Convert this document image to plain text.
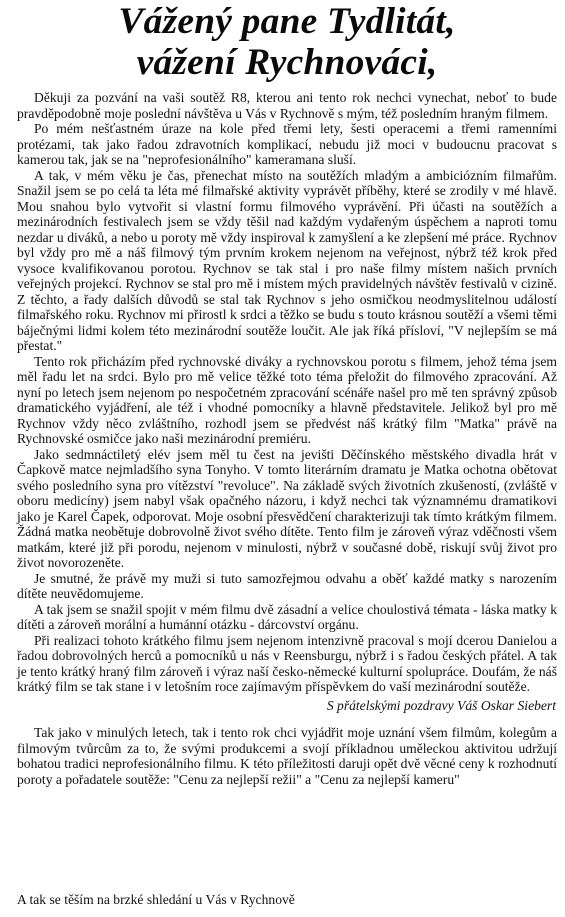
Vážený pane Tydlitát,
vážení Rychnováci,

Děkuji za pozvání na vaši soutěž R8, kterou ani tento rok nechci vynechat, neboť to bude pravděpodobně moje poslední návštěva u Vás v Rychnově s mým, též posledním hraným filmem.

Po mém nešťastném úraze na kole před třemi lety, šesti operacemi a třemi ramenními protézami, tak jako řadou zdravotních komplikací, nebudu již moci v budoucnu pracovat s kamerou tak, jak se na "neprofesionálního" kameramana sluší.

A tak, v mém věku je čas, přenechat místo na soutěžích mladým a ambiciózním filmařům. Snažil jsem se po celá ta léta mé filmařské aktivity vyprávět příběhy, které se zrodily v mé hlavě. Mou snahou bylo vytvořit si vlastní formu filmového vyprávění. Při účasti na soutěžích a mezinárodních festivalech jsem se vždy těšil nad každým vydařeným úspěchem a naproti tomu nezdar u diváků, a nebo u poroty mě vždy inspiroval k zamyšlení a ke zlepšení mé práce. Rychnov byl vždy pro mě a náš filmový tým prvním krokem nejenom na veřejnost, nýbrž též krok před vysoce kvalifikovanou porotou. Rychnov se tak stal i pro naše filmy místem našich prvních veřejných projekcí. Rychnov se stal pro mě i místem mých pravidelných návštěv festivalů v cizině. Z těchto, a řady dalších důvodů se stal tak Rychnov s jeho osmičkou neodmyslitelnou událostí filmařského roku. Rychnov mi přirostl k srdci a těžko se budu s touto krásnou soutěží a všemi těmi báječnými lidmi kolem této mezinárodní soutěže loučit. Ale jak říká přísloví, "V nejlepším se má přestat."

Tento rok přicházím před rychnovské diváky a rychnovskou porotu s filmem, jehož téma jsem měl řadu let na srdci. Bylo pro mě velice těžké toto téma přeložit do filmového zpracování. Až nyní po letech jsem nejenom po nespočetném zpracování scénáře našel pro mě ten správný způsob dramatického vyjádření, ale též i vhodné pomocníky a hlavně představitele. Jelikož byl pro mě Rychnov vždy něco zvláštního, rozhodl jsem se předvést náš krátký film "Matka" právě na Rychnovské osmičce jako naši mezinárodní premiéru.

Jako sedmnáctiletý elév jsem měl tu čest na jevišti Děčínského městského divadla hrát v Čapkově matce nejmladšího syna Tonyho. V tomto literárním dramatu je Matka ochotna obětovat svého posledního syna pro vítězství "revoluce". Na základě svých životních zkušeností, (zvláště v oboru medicíny) jsem nabyl však opačného názoru, i když nechci tak významnému dramatikovi jako je Karel Čapek, odporovat. Moje osobní přesvědčení charakterizuji tak tímto krátkým filmem. Žádná matka neobětuje dobrovolně život svého dítěte. Tento film je zároveň výraz vděčnosti všem matkám, které již při porodu, nejenom v minulosti, nýbrž v současné době, riskují svůj život pro život novorozeněte.

Je smutné, že právě my muži si tuto samozřejmou odvahu a oběť každé matky s narozením dítěte neuvědomujeme.

A tak jsem se snažil spojit v mém filmu dvě zásadní a velice choulostivá témata - láska matky k dítěti a zároveň morální a humánní otázku - dárcovství orgánu.

Při realizaci tohoto krátkého filmu jsem nejenom intenzivně pracoval s mojí dcerou Danielou a řadou dobrovolných herců a pomocníků u nás v Reensburgu, nýbrž i s řadou českých přátel. A tak je tento krátký hraný film zároveň i výraz naší česko-německé kulturní spolupráce. Doufám, že náš krátký film se tak stane i v letošním roce zajímavým příspěvkem do vaší mezinárodní soutěže.

S přátelskými pozdravy Váš Oskar Siebert

Tak jako v minulých letech, tak i tento rok chci vyjádřit mojе uznání všem filmům, kolegům a filmovým tvůrcům za to, že svými produkcemi a svojí příkladnou uměleckou aktivitou udržují bohatou tradici neprofesionálního filmu. K této příležitosti daruji opět dvě věcné ceny k rozhodnutí poroty a pořadatele soutěže: "Cenu za nejlepší režii" a "Cenu za nejlepší kameru"

A tak se těším na brzké shledání u Vás v Rychnově
